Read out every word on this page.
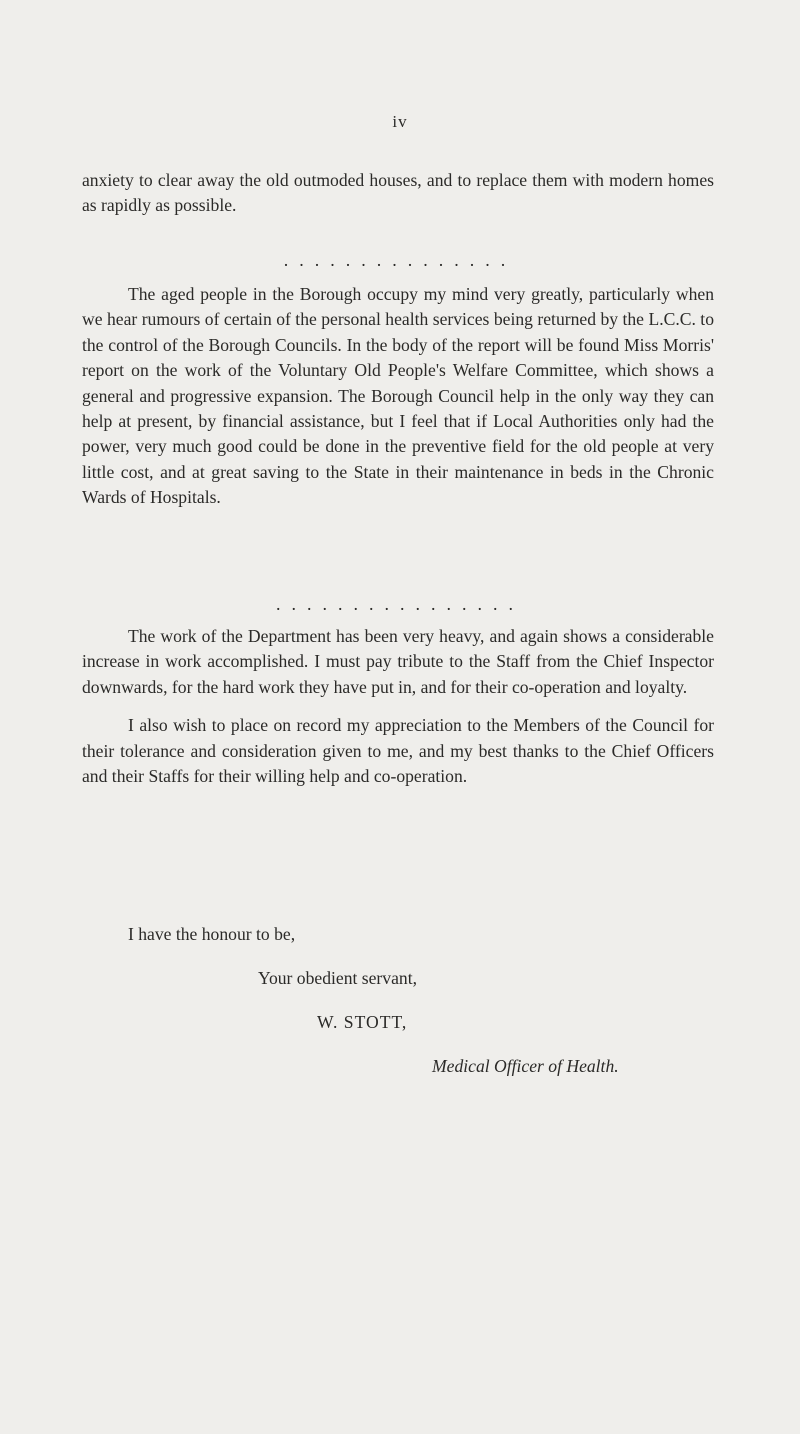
iv

anxiety to clear away the old outmoded houses, and to replace them with modern homes as rapidly as possible.

...............

The aged people in the Borough occupy my mind very greatly, particularly when we hear rumours of certain of the personal health services being returned by the L.C.C. to the control of the Borough Councils. In the body of the report will be found Miss Morris' report on the work of the Voluntary Old People's Welfare Committee, which shows a general and progressive expansion. The Borough Council help in the only way they can help at present, by financial assistance, but I feel that if Local Authorities only had the power, very much good could be done in the preventive field for the old people at very little cost, and at great saving to the State in their maintenance in beds in the Chronic Wards of Hospitals.

................

The work of the Department has been very heavy, and again shows a considerable increase in work accomplished. I must pay tribute to the Staff from the Chief Inspector downwards, for the hard work they have put in, and for their co-operation and loyalty.

I also wish to place on record my appreciation to the Members of the Council for their tolerance and consideration given to me, and my best thanks to the Chief Officers and their Staffs for their willing help and co-operation.

I have the honour to be,
Your obedient servant,
W. STOTT,
Medical Officer of Health.
